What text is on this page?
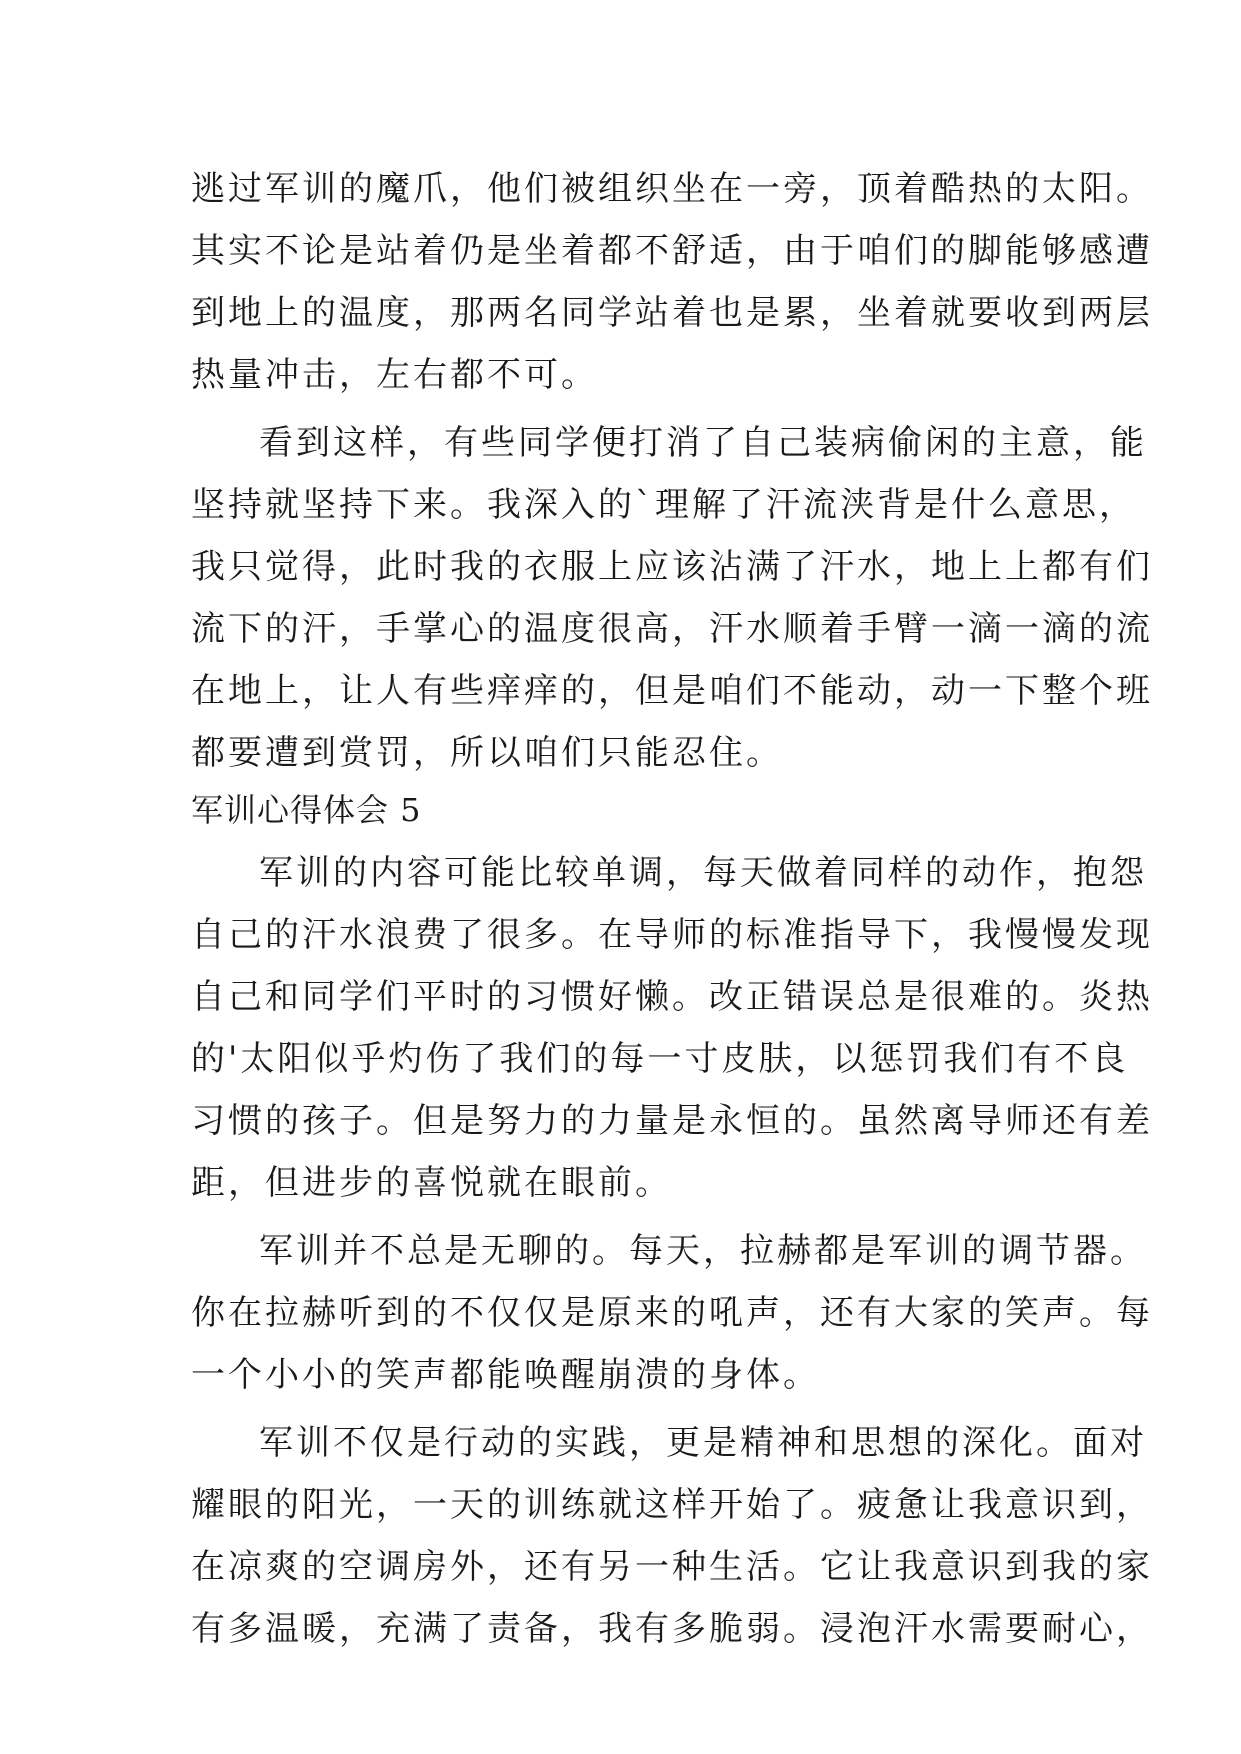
逃过军训的魔爪，他们被组织坐在一旁，顶着酷热的太阳。
其实不论是站着仍是坐着都不舒适，由于咱们的脚能够感遭
到地上的温度，那两名同学站着也是累，坐着就要收到两层
热量冲击，左右都不可。
看到这样，有些同学便打消了自己装病偷闲的主意，能
坚持就坚持下来。我深入的`理解了汗流浃背是什么意思，
我只觉得，此时我的衣服上应该沾满了汗水，地上上都有们
流下的汗，手掌心的温度很高，汗水顺着手臂一滴一滴的流
在地上，让人有些痒痒的，但是咱们不能动，动一下整个班
都要遭到赏罚，所以咱们只能忍住。
军训心得体会 5
军训的内容可能比较单调，每天做着同样的动作，抱怨
自己的汗水浪费了很多。在导师的标准指导下，我慢慢发现
自己和同学们平时的习惯好懒。改正错误总是很难的。炎热
的'太阳似乎灼伤了我们的每一寸皮肤，以惩罚我们有不良
习惯的孩子。但是努力的力量是永恒的。虽然离导师还有差
距，但进步的喜悦就在眼前。
军训并不总是无聊的。每天，拉赫都是军训的调节器。
你在拉赫听到的不仅仅是原来的吼声，还有大家的笑声。每
一个小小的笑声都能唤醒崩溃的身体。
军训不仅是行动的实践，更是精神和思想的深化。面对
耀眼的阳光，一天的训练就这样开始了。疲惫让我意识到，
在凉爽的空调房外，还有另一种生活。它让我意识到我的家
有多温暖，充满了责备，我有多脆弱。浸泡汗水需要耐心，
